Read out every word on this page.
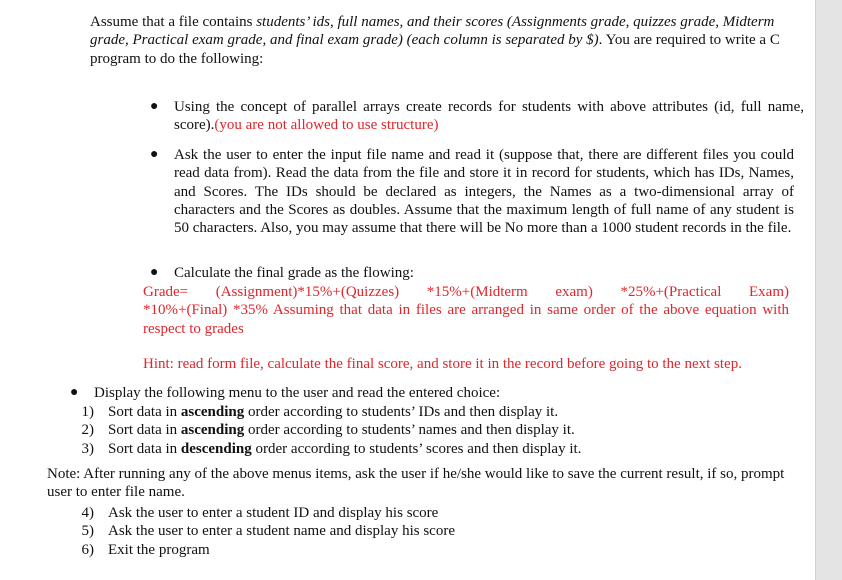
Assume that a file contains students’ ids, full names, and their scores (Assignments grade, quizzes grade, Midterm grade, Practical exam grade, and final exam grade) (each column is separated by $). You are required to write a C program to do the following:

● Using the concept of parallel arrays create records for students with above attributes (id, full name, score).(you are not allowed to use structure)
● Ask the user to enter the input file name and read it (suppose that, there are different files you could read data from). Read the data from the file and store it in record for students, which has IDs, Names, and Scores. The IDs should be declared as integers, the Names as a two-dimensional array of characters and the Scores as doubles. Assume that the maximum length of full name of any student is 50 characters. Also, you may assume that there will be No more than a 1000 student records in the file.
● Calculate the final grade as the flowing:
Grade= (Assignment)*15%+(Quizzes) *15%+(Midterm exam) *25%+(Practical Exam)
*10%+(Final) *35% Assuming that data in files are arranged in same order of the above equation with respect to grades
Hint: read form file, calculate the final score, and store it in the record before going to the next step.
● Display the following menu to the user and read the entered choice:
1) Sort data in ascending order according to students’ IDs and then display it.
2) Sort data in ascending order according to students’ names and then display it.
3) Sort data in descending order according to students’ scores and then display it.

Note: After running any of the above menus items, ask the user if he/she would like to save the current result, if so, prompt user to enter file name.

4) Ask the user to enter a student ID and display his score
5) Ask the user to enter a student name and display his score
6) Exit the program
